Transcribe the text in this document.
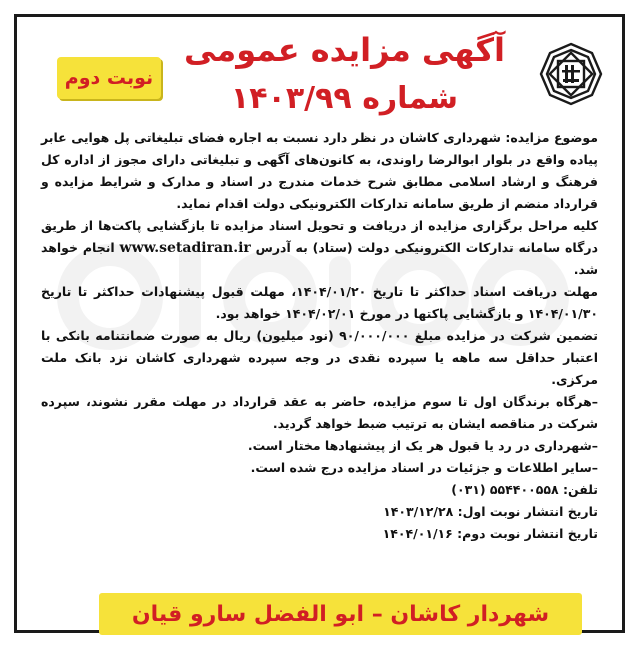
آگهی مزایده عمومی
شماره ۱۴۰۳/۹۹
نوبت دوم

موضوع مزایده: شهرداری کاشان در نظر دارد نسبت به اجاره فضای تبلیغاتی پل هوایی عابر پیاده واقع در بلوار ابوالرضا راوندی، به کانون‌های آگهی و تبلیغاتی دارای مجوز از اداره کل فرهنگ و ارشاد اسلامی مطابق شرح خدمات مندرج در اسناد و مدارک و شرایط مزایده و قرارداد منضم از طریق سامانه تدارکات الکترونیکی دولت اقدام نماید.

کلیه مراحل برگزاری مزایده از دریافت و تحویل اسناد مزایده تا بازگشایی پاکت‌ها از طریق درگاه سامانه تدارکات الکترونیکی دولت (ستاد) به آدرس www.setadiran.ir انجام خواهد شد.

مهلت دریافت اسناد حداکثر تا تاریخ ۱۴۰۴/۰۱/۲۰، مهلت قبول پیشنهادات حداکثر تا تاریخ ۱۴۰۴/۰۱/۳۰ و بازگشایی پاکتها در مورخ ۱۴۰۴/۰۲/۰۱ خواهد بود.

تضمین شرکت در مزایده مبلغ ۹۰/۰۰۰/۰۰۰ (نود میلیون) ریال به صورت ضمانتنامه بانکی با اعتبار حداقل سه ماهه یا سپرده نقدی در وجه سپرده شهرداری کاشان نزد بانک ملت مرکزی.

–هرگاه برندگان اول تا سوم مزایده، حاضر به عقد قرارداد در مهلت مقرر نشوند، سپرده شرکت در مناقصه ایشان به ترتیب ضبط خواهد گردید.

–شهرداری در رد یا قبول هر یک از پیشنهادها مختار است.

–سایر اطلاعات و جزئیات در اسناد مزایده درج شده است.

تلفن: ۵۵۴۴۰۰۵۵۸ (۰۳۱)

تاریخ انتشار نوبت اول: ۱۴۰۳/۱۲/۲۸

تاریخ انتشار نوبت دوم: ۱۴۰۴/۰۱/۱۶

شهردار کاشان – ابو الفضل سارو قیان
